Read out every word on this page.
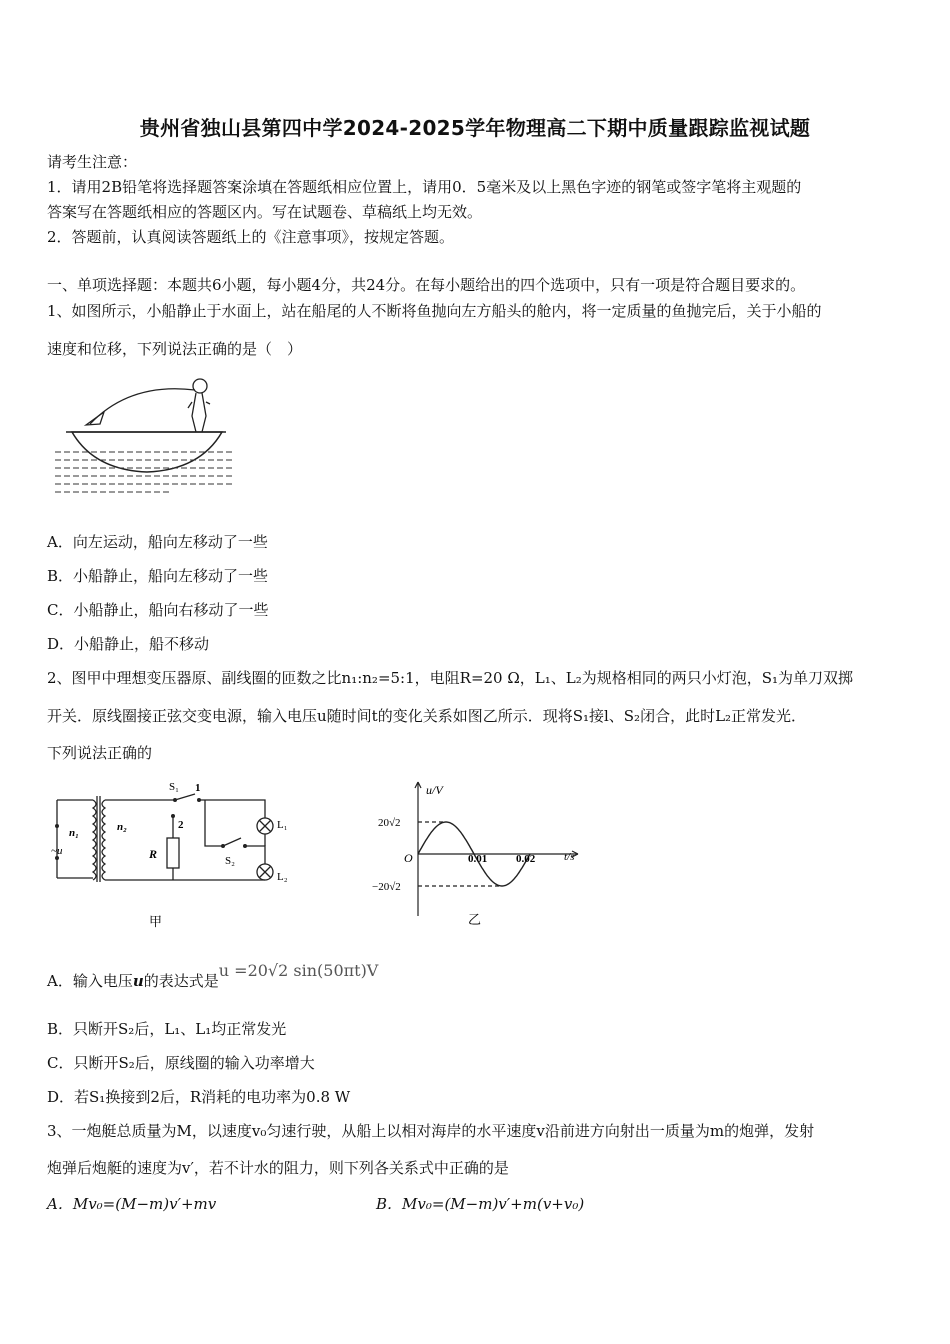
贵州省独山县第四中学2024-2025学年物理高二下期中质量跟踪监视试题
请考生注意：
1．请用2B铅笔将选择题答案涂填在答题纸相应位置上，请用0．5毫米及以上黑色字迹的钢笔或签字笔将主观题的
答案写在答题纸相应的答题区内。写在试题卷、草稿纸上均无效。
2．答题前，认真阅读答题纸上的《注意事项》，按规定答题。
一、单项选择题：本题共6小题，每小题4分，共24分。在每小题给出的四个选项中，只有一项是符合题目要求的。
1、如图所示，小船静止于水面上，站在船尾的人不断将鱼抛向左方船头的舱内，将一定质量的鱼抛完后，关于小船的
速度和位移，下列说法正确的是（　）
A．向左运动，船向左移动了一些
B．小船静止，船向左移动了一些
C．小船静止，船向右移动了一些
D．小船静止，船不移动
2、图甲中理想变压器原、副线圈的匝数之比n₁:n₂=5:1，电阻R=20 Ω，L₁、L₂为规格相同的两只小灯泡，S₁为单刀双掷
开关．原线圈接正弦交变电源，输入电压u随时间t的变化关系如图乙所示．现将S₁接l、S₂闭合，此时L₂正常发光．
下列说法正确的
n₁
~u
n₂
S₁ 1
2
R	S₂
L₁
L₂
甲
u/V
t/s
O
20√2
−20√2
0.01	0.02
乙
A．输入电压u的表达式是u =20√2 sin(50πt)V
B．只断开S₂后，L₁、L₁均正常发光
C．只断开S₂后，原线圈的输入功率增大
D．若S₁换接到2后，R消耗的电功率为0.8 W
3、一炮艇总质量为M，以速度v₀匀速行驶，从船上以相对海岸的水平速度v沿前进方向射出一质量为m的炮弹，发射
炮弹后炮艇的速度为v′，若不计水的阻力，则下列各关系式中正确的是
A．Mv₀=(M−m)v′+mv	B．Mv₀=(M−m)v′+m(v+v₀)
